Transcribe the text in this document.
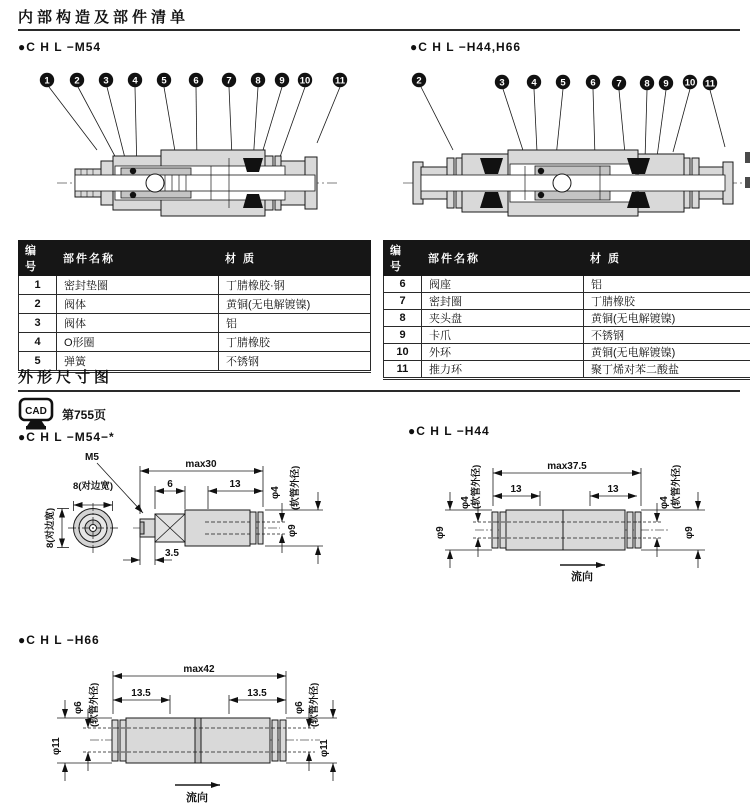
内部构造及部件清单
●C H L −M54	●C H L −H44,H66
1	2 3 4 5	6	7 8 9 10	11	2	3	4 5	6 7 8 9 10 11
编号	部件名称	材 质
1	密封垫圈	丁腈橡胶·钢
2	阀体	黄铜(无电解镀镍)
3	阀体	铝
4	O形圈	丁腈橡胶
5	弹簧	不锈钢
编号	部件名称	材 质
6	阀座	铝
7	密封圈	丁腈橡胶
8	夹头盘	黄铜(无电解镀镍)
9	卡爪	不锈钢
10	外环	黄铜(无电解镀镍)
11	推力环	聚丁烯对苯二酸盐
外形尺寸图
CAD 第755页
●C H L −M54−*	●C H L −H44
●C H L −H66
M5
max30
6	13
3.5
8(对边宽)
8(对边宽)
φ4 (软管外径)
φ9
max37.5
13	13
φ4 (软管外径)
φ9
φ4 (软管外径)
φ9
流向
max42
13.5	13.5
φ6 (软管外径)
φ11
φ6 (软管外径)
φ11
流向
